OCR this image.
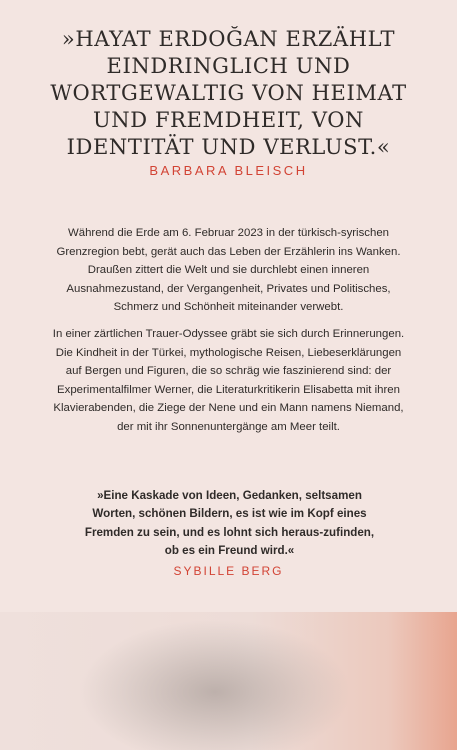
»HAYAT ERDOĞAN ERZÄHLT EINDRINGLICH UND WORTGEWALTIG VON HEIMAT UND FREMDHEIT, VON IDENTITÄT UND VERLUST.«

BARBARA BLEISCH

Während die Erde am 6. Februar 2023 in der türkisch-syrischen Grenzregion bebt, gerät auch das Leben der Erzählerin ins Wanken. Draußen zittert die Welt und sie durchlebt einen inneren Ausnahmezustand, der Vergangenheit, Privates und Politisches, Schmerz und Schönheit miteinander verwebt.

In einer zärtlichen Trauer-Odyssee gräbt sie sich durch Erinnerungen. Die Kindheit in der Türkei, mythologische Reisen, Liebeserklärungen auf Bergen und Figuren, die so schräg wie faszinierend sind: der Experimentalfilmer Werner, die Literaturkritikerin Elisabetta mit ihren Klavierabenden, die Ziege der Nene und ein Mann namens Niemand, der mit ihr Sonnenuntergänge am Meer teilt.

»Eine Kaskade von Ideen, Gedanken, seltsamen Worten, schönen Bildern, es ist wie im Kopf eines Fremden zu sein, und es lohnt sich heraus-zufinden, ob es ein Freund wird.«

SYBILLE BERG
